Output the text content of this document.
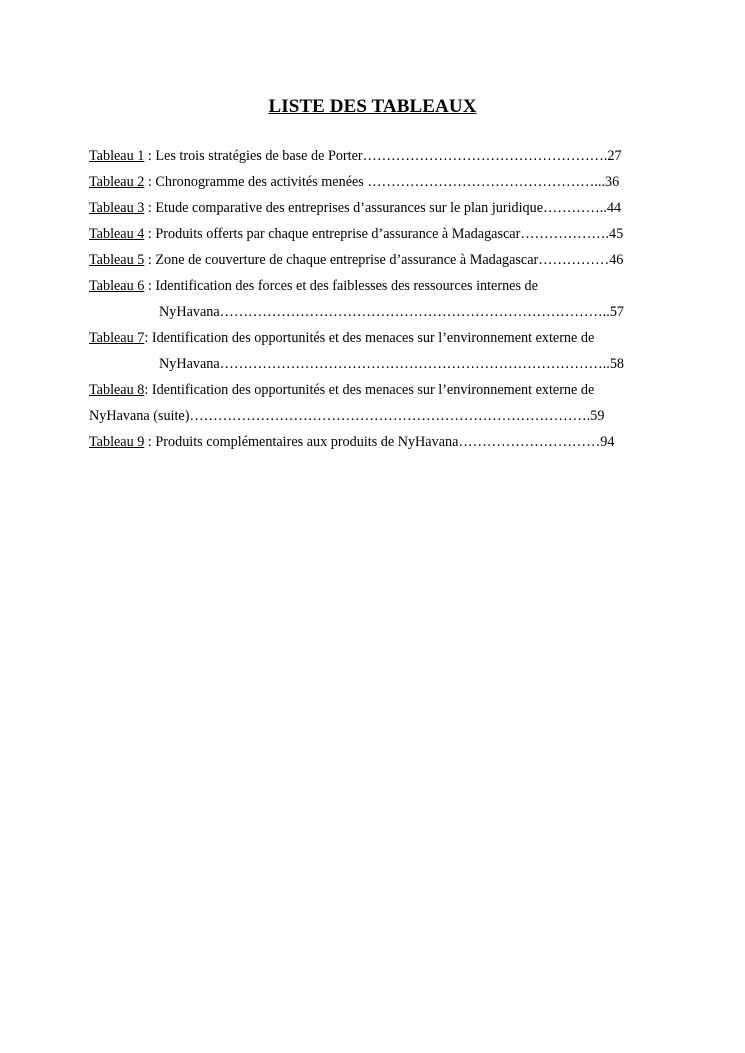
LISTE DES TABLEAUX
Tableau 1 : Les trois stratégies de base de Porter…………………………………………….27
Tableau 2 : Chronogramme des activités menées …………………………………………...36
Tableau 3 : Etude comparative des entreprises d’assurances sur le plan juridique…………..44
Tableau 4 : Produits offerts par chaque entreprise d’assurance à Madagascar……………….45
Tableau 5 : Zone de couverture de chaque entreprise d’assurance à Madagascar……………46
Tableau 6 : Identification des forces et des faiblesses des ressources internes de
NyHavana………………………………………………………………………..57
Tableau 7: Identification des opportunités et des menaces sur l’environnement externe de
NyHavana………………………………………………………………………..58
Tableau 8: Identification des opportunités et des menaces sur l’environnement externe de
NyHavana (suite)………………………………………………………………………….59
Tableau 9 : Produits complémentaires aux produits de NyHavana…………………………94
